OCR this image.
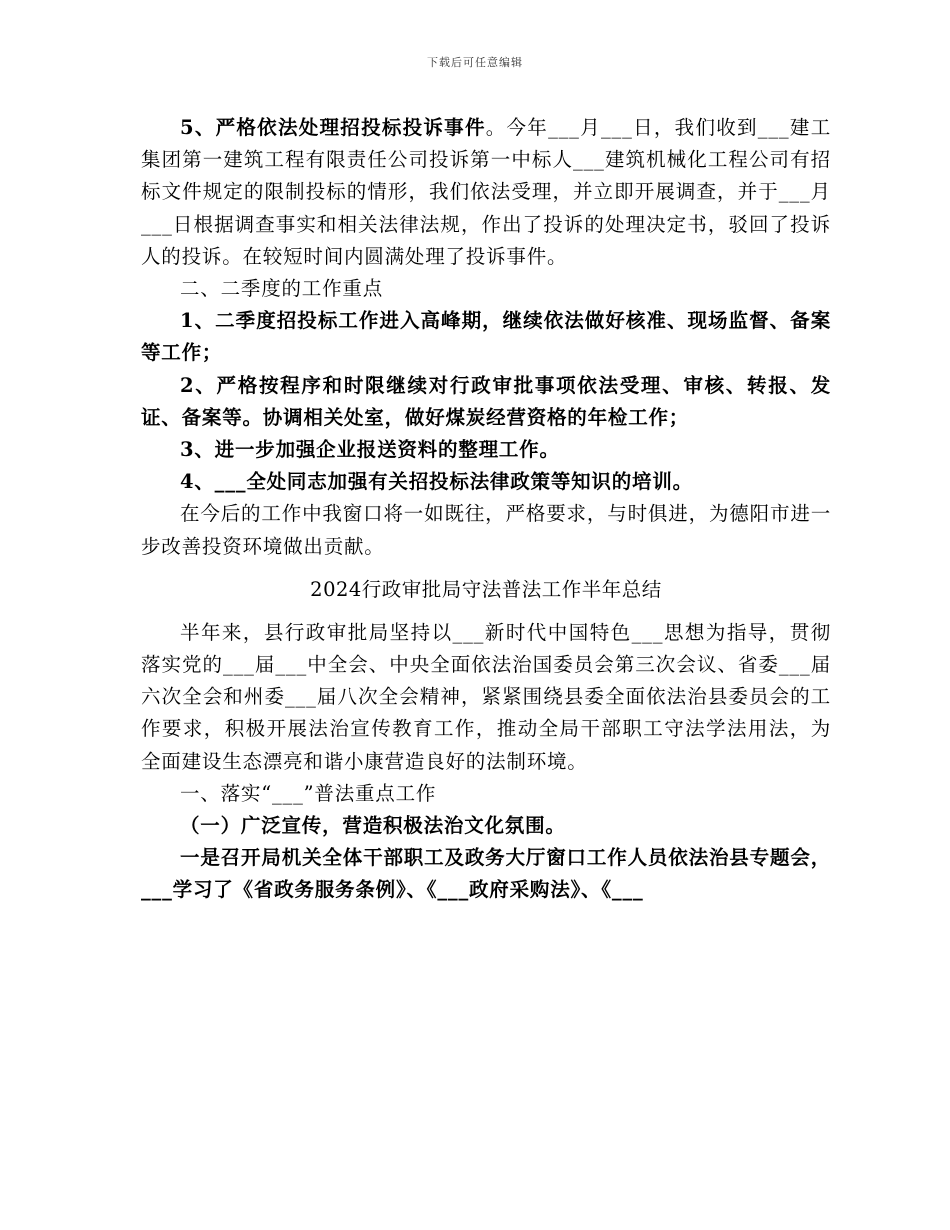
下载后可任意编辑

5、严格依法处理招投标投诉事件。今年___月___日，我们收到___建工集团第一建筑工程有限责任公司投诉第一中标人___建筑机械化工程公司有招标文件规定的限制投标的情形，我们依法受理，并立即开展调查，并于___月___日根据调查事实和相关法律法规，作出了投诉的处理决定书，驳回了投诉人的投诉。在较短时间内圆满处理了投诉事件。

二、二季度的工作重点

1、二季度招投标工作进入高峰期，继续依法做好核准、现场监督、备案等工作；

2、严格按程序和时限继续对行政审批事项依法受理、审核、转报、发证、备案等。协调相关处室，做好煤炭经营资格的年检工作；

3、进一步加强企业报送资料的整理工作。

4、___全处同志加强有关招投标法律政策等知识的培训。

在今后的工作中我窗口将一如既往，严格要求，与时俱进，为德阳市进一步改善投资环境做出贡献。

2024行政审批局守法普法工作半年总结

半年来，县行政审批局坚持以___新时代中国特色___思想为指导，贯彻落实党的___届___中全会、中央全面依法治国委员会第三次会议、省委___届六次全会和州委___届八次全会精神，紧紧围绕县委全面依法治县委员会的工作要求，积极开展法治宣传教育工作，推动全局干部职工守法学法用法，为全面建设生态漂亮和谐小康营造良好的法制环境。

一、落实“___”普法重点工作

（一）广泛宣传，营造积极法治文化氛围。

一是召开局机关全体干部职工及政务大厅窗口工作人员依法治县专题会，___学习了《省政务服务条例》、《___政府采购法》、《___
